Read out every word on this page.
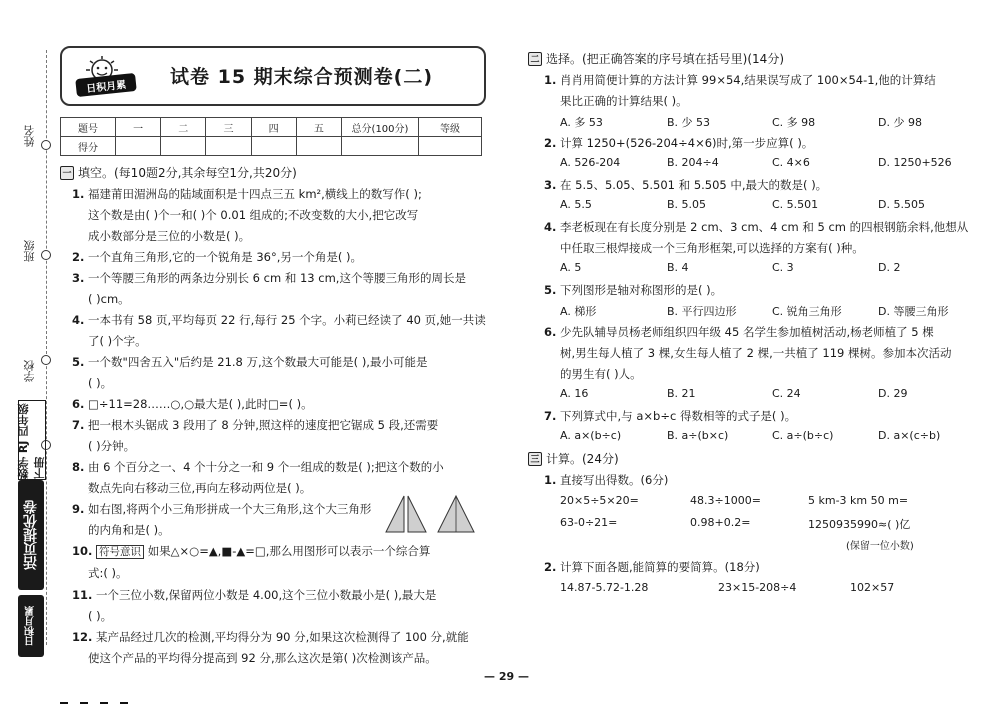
姓名
班级
学校
数学 RJ 四年级 下册
活页提优卷
日积月累
日积月累	试卷 15 期末综合预测卷(二)
题号	一	二	三	四	五	总分(100分)	等级
得分							
一 填空。(每10题2分,其余每空1分,共20分)
1. 福建莆田湄洲岛的陆域面积是十四点三五 km²,横线上的数写作( );
这个数是由( )个一和( )个 0.01 组成的;不改变数的大小,把它改写
成小数部分是三位的小数是( )。
2. 一个直角三角形,它的一个锐角是 36°,另一个角是( )。
3. 一个等腰三角形的两条边分别长 6 cm 和 13 cm,这个等腰三角形的周长是
( )cm。
4. 一本书有 58 页,平均每页 22 行,每行 25 个字。小莉已经读了 40 页,她一共读
了( )个字。
5. 一个数"四舍五入"后约是 21.8 万,这个数最大可能是( ),最小可能是
( )。
6. □÷11=28……○,○最大是( ),此时□=( )。
7. 把一根木头锯成 3 段用了 8 分钟,照这样的速度把它锯成 5 段,还需要
( )分钟。
8. 由 6 个百分之一、4 个十分之一和 9 个一组成的数是( );把这个数的小
数点先向右移动三位,再向左移动两位是( )。
9. 如右图,将两个小三角形拼成一个大三角形,这个大三角形
的内角和是( )。
10. 符号意识 如果△×○=▲,■-▲=□,那么用图形可以表示一个综合算
式:( )。
11. 一个三位小数,保留两位小数是 4.00,这个三位小数最小是( ),最大是
( )。
12. 某产品经过几次的检测,平均得分为 90 分,如果这次检测得了 100 分,就能
使这个产品的平均得分提高到 92 分,那么这次是第( )次检测该产品。
二 选择。(把正确答案的序号填在括号里)(14分)
1. 肖肖用简便计算的方法计算 99×54,结果误写成了 100×54-1,他的计算结
果比正确的计算结果( )。
A. 多 53	B. 少 53	C. 多 98	D. 少 98
2. 计算 1250+(526-204÷4×6)时,第一步应算( )。
A. 526-204	B. 204÷4	C. 4×6	D. 1250+526
3. 在 5.5、5.05、5.501 和 5.505 中,最大的数是( )。
A. 5.5	B. 5.05	C. 5.501	D. 5.505
4. 李老板现在有长度分别是 2 cm、3 cm、4 cm 和 5 cm 的四根钢筋余料,他想从
中任取三根焊接成一个三角形框架,可以选择的方案有( )种。
A. 5	B. 4	C. 3	D. 2
5. 下列图形是轴对称图形的是( )。
A. 梯形	B. 平行四边形	C. 锐角三角形	D. 等腰三角形
6. 少先队辅导员杨老师组织四年级 45 名学生参加植树活动,杨老师植了 5 棵
树,男生每人植了 3 棵,女生每人植了 2 棵,一共植了 119 棵树。参加本次活动
的男生有( )人。
A. 16	B. 21	C. 24	D. 29
7. 下列算式中,与 a×b÷c 得数相等的式子是( )。
A. a×(b÷c)	B. a÷(b×c)	C. a÷(b÷c)	D. a×(c÷b)
三 计算。(24分)
1. 直接写出得数。(6分)
20×5÷5×20=	48.3÷1000=	5 km-3 km 50 m=
63-0÷21=	0.98+0.2=	1250935990≈( )亿
(保留一位小数)
2. 计算下面各题,能简算的要简算。(18分)
14.87-5.72-1.28	23×15-208÷4	102×57
— 29 —
